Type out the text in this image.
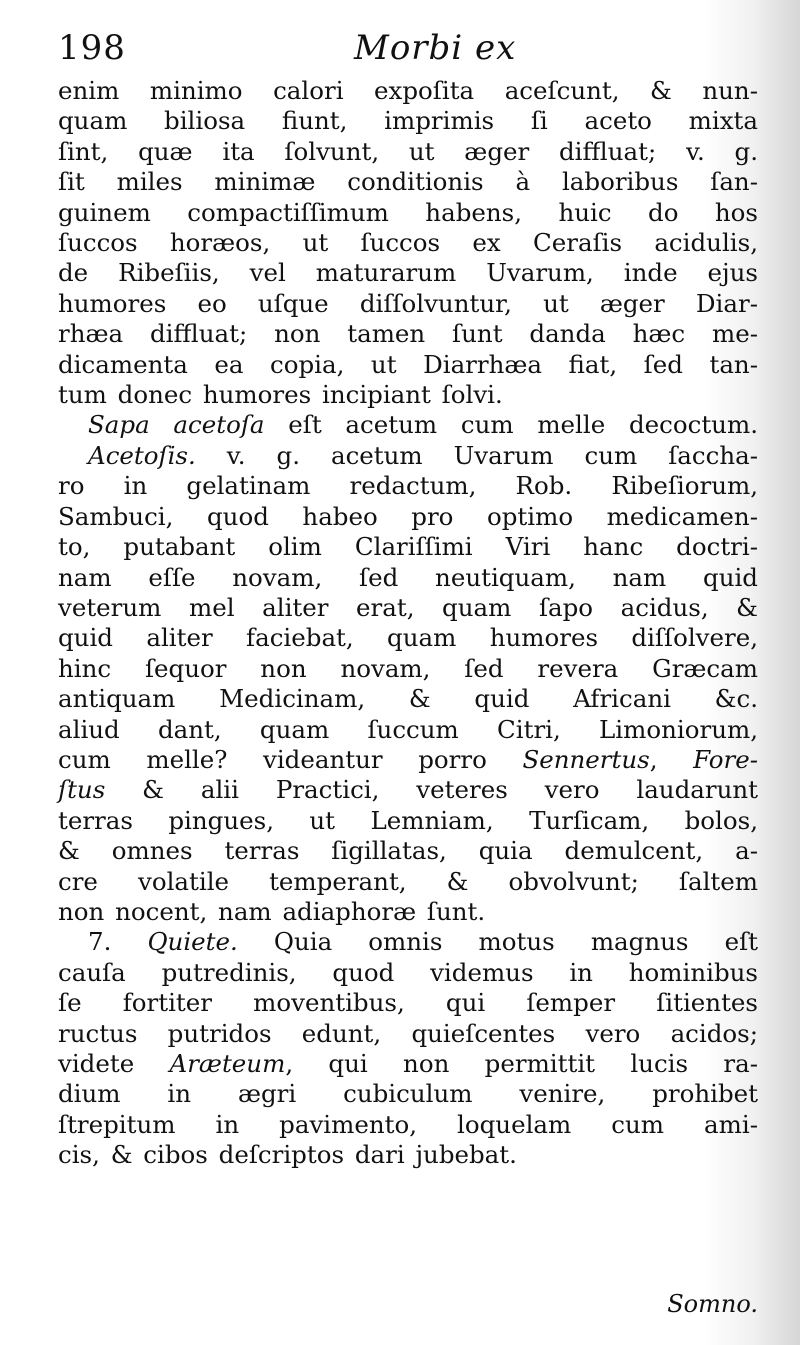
198	Morbi ex
enim minimo calori expoſita aceſcunt, & nun-
quam biliosa fiunt, imprimis ſi aceto mixta
ſint, quæ ita ſolvunt, ut æger diffluat; v. g.
ſit miles minimæ conditionis à laboribus ſan-
guinem compactiſſimum habens, huic do hos
ſuccos horæos, ut ſuccos ex Ceraſis acidulis,
de Ribeſiis, vel maturarum Uvarum, inde ejus
humores eo uſque diſſolvuntur, ut æger Diar-
rhæa diffluat; non tamen ſunt danda hæc me-
dicamenta ea copia, ut Diarrhæa fiat, ſed tan-
tum donec humores incipiant ſolvi.
Sapa acetoſa eſt acetum cum melle decoctum.
Acetoſis. v. g. acetum Uvarum cum ſaccha-
ro in gelatinam redactum, Rob. Ribeſiorum,
Sambuci, quod habeo pro optimo medicamen-
to, putabant olim Clariſſimi Viri hanc doctri-
nam eſſe novam, ſed neutiquam, nam quid
veterum mel aliter erat, quam ſapo acidus, &
quid aliter faciebat, quam humores diſſolvere,
hinc ſequor non novam, ſed revera Græcam
antiquam Medicinam, & quid Africani &c.
aliud dant, quam ſuccum Citri, Limoniorum,
cum melle? videantur porro Sennertus, Fore-
ſtus & alii Practici, veteres vero laudarunt
terras pingues, ut Lemniam, Turſicam, bolos,
& omnes terras ſigillatas, quia demulcent, a-
cre volatile temperant, & obvolvunt; ſaltem
non nocent, nam adiaphoræ ſunt.
7. Quiete. Quia omnis motus magnus eſt
cauſa putredinis, quod videmus in hominibus
ſe fortiter moventibus, qui ſemper ſitientes
ructus putridos edunt, quieſcentes vero acidos;
videte Aræteum, qui non permittit lucis ra-
dium in ægri cubiculum venire, prohibet
ſtrepitum in pavimento, loquelam cum ami-
cis, & cibos deſcriptos dari jubebat.
Somno.
